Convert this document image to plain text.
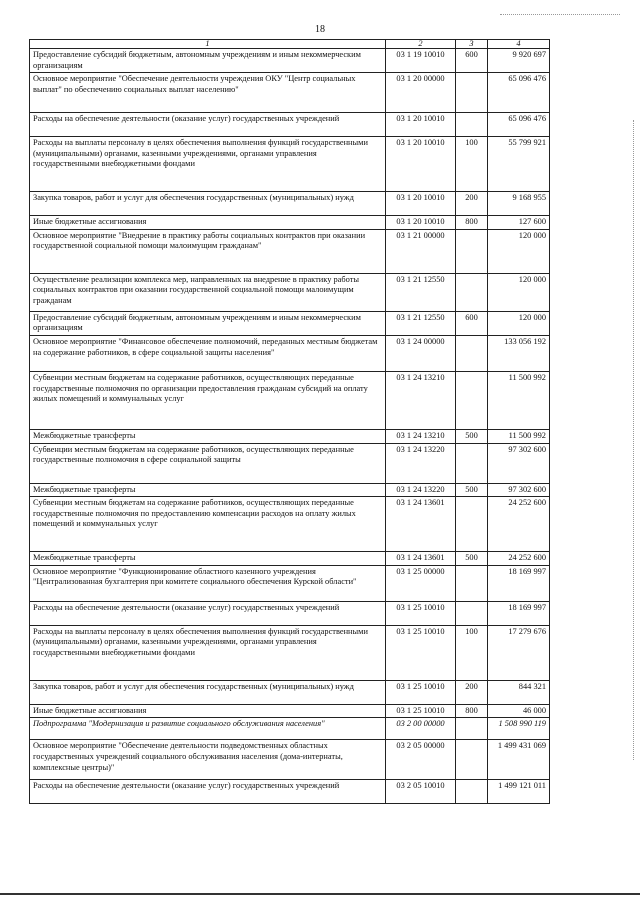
18
1	2	3	4
Предоставление субсидий бюджетным, автономным учреждениям и иным некоммерческим организациям	03 1 19 10010	600	9 920 697
Основное мероприятие "Обеспечение деятельности учреждения ОКУ "Центр социальных выплат" по обеспечению социальных выплат населению"	03 1 20 00000		65 096 476
Расходы на обеспечение деятельности (оказание услуг) государственных учреждений	03 1 20 10010		65 096 476
Расходы на выплаты персоналу в целях обеспечения выполнения функций государственными (муниципальными) органами, казенными учреждениями, органами управления государственными внебюджетными фондами	03 1 20 10010	100	55 799 921
Закупка товаров, работ и услуг для обеспечения государственных (муниципальных) нужд	03 1 20 10010	200	9 168 955
Иные бюджетные ассигнования	03 1 20 10010	800	127 600
Основное мероприятие "Внедрение в практику работы социальных контрактов при оказании государственной социальной помощи малоимущим гражданам"	03 1 21 00000		120 000
Осуществление реализации комплекса мер, направленных на внедрение в практику работы социальных контрактов при оказании государственной социальной помощи малоимущим гражданам	03 1 21 12550		120 000
Предоставление субсидий бюджетным, автономным учреждениям и иным некоммерческим организациям	03 1 21 12550	600	120 000
Основное мероприятие "Финансовое обеспечение полномочий, переданных местным бюджетам на содержание работников, в сфере социальной защиты населения"	03 1 24 00000		133 056 192
Субвенции местным бюджетам на содержание работников, осуществляющих переданные государственные полномочия по организации предоставления гражданам субсидий на оплату жилых помещений и коммунальных услуг	03 1 24 13210		11 500 992
Межбюджетные трансферты	03 1 24 13210	500	11 500 992
Субвенции местным бюджетам на содержание работников, осуществляющих переданные государственные полномочия в сфере социальной защиты	03 1 24 13220		97 302 600
Межбюджетные трансферты	03 1 24 13220	500	97 302 600
Субвенции местным бюджетам на содержание работников, осуществляющих переданные государственные полномочия по предоставлению компенсации расходов на оплату жилых помещений и коммунальных услуг	03 1 24 13601		24 252 600
Межбюджетные трансферты	03 1 24 13601	500	24 252 600
Основное мероприятие "Функционирование областного казенного учреждения "Централизованная бухгалтерия при комитете социального обеспечения Курской области"	03 1 25 00000		18 169 997
Расходы на обеспечение деятельности (оказание услуг) государственных учреждений	03 1 25 10010		18 169 997
Расходы на выплаты персоналу в целях обеспечения выполнения функций государственными (муниципальными) органами, казенными учреждениями, органами управления государственными внебюджетными фондами	03 1 25 10010	100	17 279 676
Закупка товаров, работ и услуг для обеспечения государственных (муниципальных) нужд	03 1 25 10010	200	844 321
Иные бюджетные ассигнования	03 1 25 10010	800	46 000
Подпрограмма "Модернизация и развитие социального обслуживания населения"	03 2 00 00000		1 508 990 119
Основное мероприятие "Обеспечение деятельности подведомственных областных государственных учреждений социального обслуживания населения (дома-интернаты, комплексные центры)"	03 2 05 00000		1 499 431 069
Расходы на обеспечение деятельности (оказание услуг) государственных учреждений	03 2 05 10010		1 499 121 011
